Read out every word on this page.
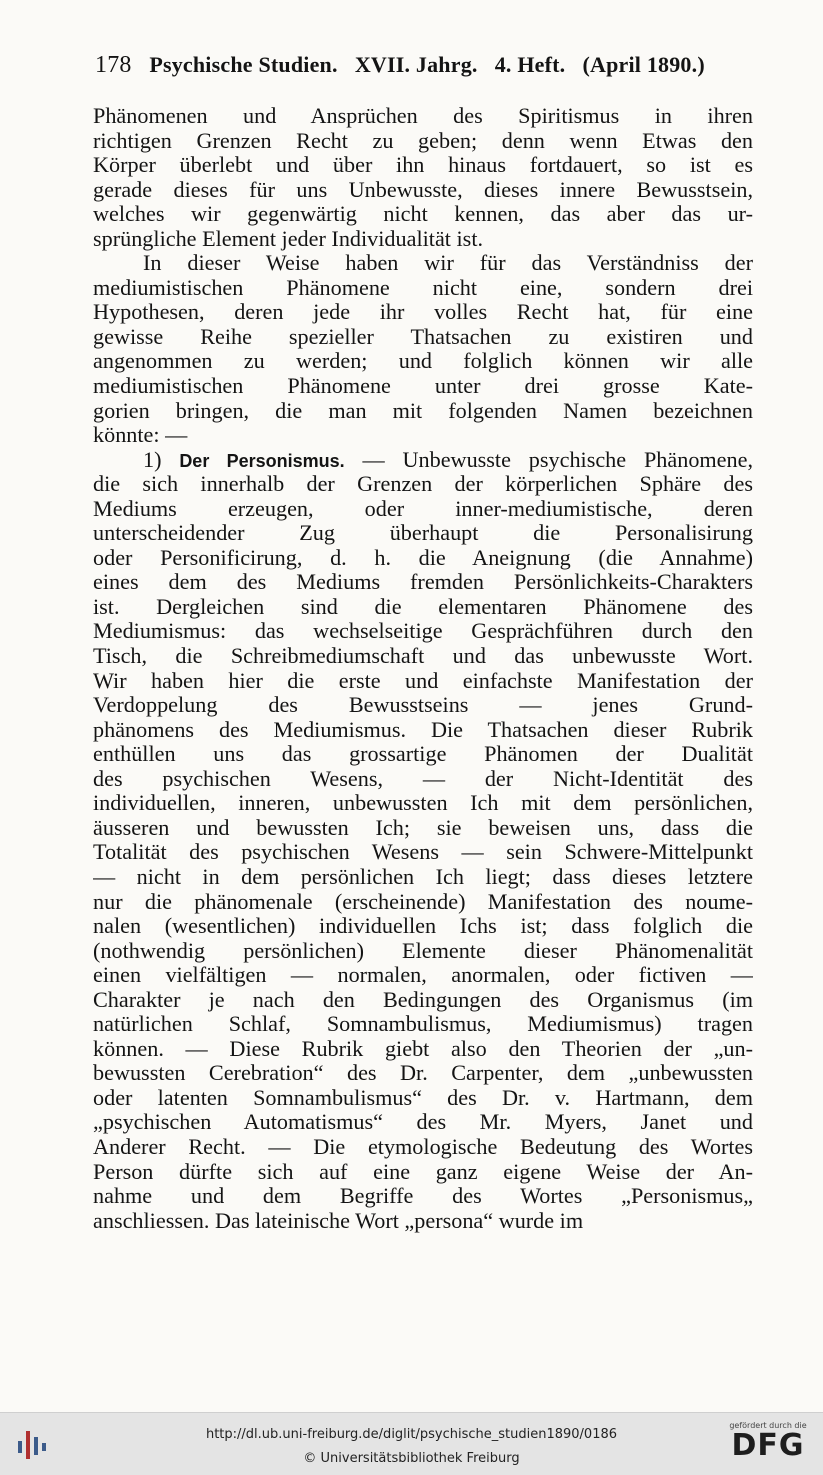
178 Psychische Studien. XVII. Jahrg. 4. Heft. (April 1890.)
Phänomenen und Ansprüchen des Spiritismus in ihren
richtigen Grenzen Recht zu geben; denn wenn Etwas den
Körper überlebt und über ihn hinaus fortdauert, so ist es
gerade dieses für uns Unbewusste, dieses innere Bewusstsein,
welches wir gegenwärtig nicht kennen, das aber das ur-
sprüngliche Element jeder Individualität ist.
In dieser Weise haben wir für das Verständniss der
mediumistischen Phänomene nicht eine, sondern drei
Hypothesen, deren jede ihr volles Recht hat, für eine
gewisse Reihe spezieller Thatsachen zu existiren und
angenommen zu werden; und folglich können wir alle
mediumistischen Phänomene unter drei grosse Kate-
gorien bringen, die man mit folgenden Namen bezeichnen
könnte: —
1) Der Personismus. — Unbewusste psychische Phänomene,
die sich innerhalb der Grenzen der körperlichen Sphäre des
Mediums erzeugen, oder inner-mediumistische, deren
unterscheidender Zug überhaupt die Personalisirung
oder Personificirung, d. h. die Aneignung (die Annahme)
eines dem des Mediums fremden Persönlichkeits-Charakters
ist. Dergleichen sind die elementaren Phänomene des
Mediumismus: das wechselseitige Gesprächführen durch den
Tisch, die Schreibmediumschaft und das unbewusste Wort.
Wir haben hier die erste und einfachste Manifestation der
Verdoppelung des Bewusstseins — jenes Grund-
phänomens des Mediumismus. Die Thatsachen dieser Rubrik
enthüllen uns das grossartige Phänomen der Dualität
des psychischen Wesens, — der Nicht-Identität des
individuellen, inneren, unbewussten Ich mit dem persönlichen,
äusseren und bewussten Ich; sie beweisen uns, dass die
Totalität des psychischen Wesens — sein Schwere-Mittelpunkt
— nicht in dem persönlichen Ich liegt; dass dieses letztere
nur die phänomenale (erscheinende) Manifestation des noume-
nalen (wesentlichen) individuellen Ichs ist; dass folglich die
(nothwendig persönlichen) Elemente dieser Phänomenalität
einen vielfältigen — normalen, anormalen, oder fictiven —
Charakter je nach den Bedingungen des Organismus (im
natürlichen Schlaf, Somnambulismus, Mediumismus) tragen
können. — Diese Rubrik giebt also den Theorien der „un-
bewussten Cerebration“ des Dr. Carpenter, dem „unbewussten
oder latenten Somnambulismus“ des Dr. v. Hartmann, dem
„psychischen Automatismus“ des Mr. Myers, Janet und
Anderer Recht. — Die etymologische Bedeutung des Wortes
Person dürfte sich auf eine ganz eigene Weise der An-
nahme und dem Begriffe des Wortes „Personismus„
anschliessen. Das lateinische Wort „persona“ wurde im
http://dl.ub.uni-freiburg.de/diglit/psychische_studien1890/0186
© Universitätsbibliothek Freiburg
gefördert durch die
DFG
